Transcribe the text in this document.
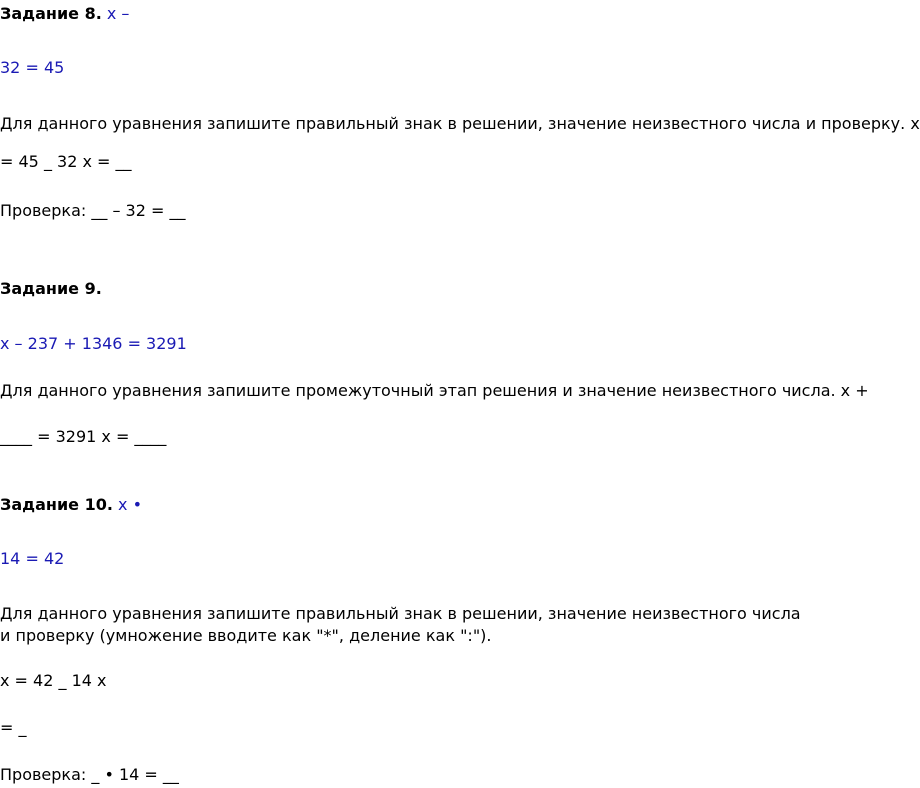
Задание 8. x –
32 = 45
Для данного уравнения запишите правильный знак в решении, значение неизвестного числа и проверку. x
= 45 _ 32 x = __
Проверка: __ – 32 = __
Задание 9.
x – 237 + 1346 = 3291
Для данного уравнения запишите промежуточный этап решения и значение неизвестного числа. x +
____ = 3291 x = ____
Задание 10. x •
14 = 42
Для данного уравнения запишите правильный знак в решении, значение неизвестного числа и проверку (умножение вводите как "*", деление как ":").
x = 42 _ 14 x
= _
Проверка: _ • 14 = __
